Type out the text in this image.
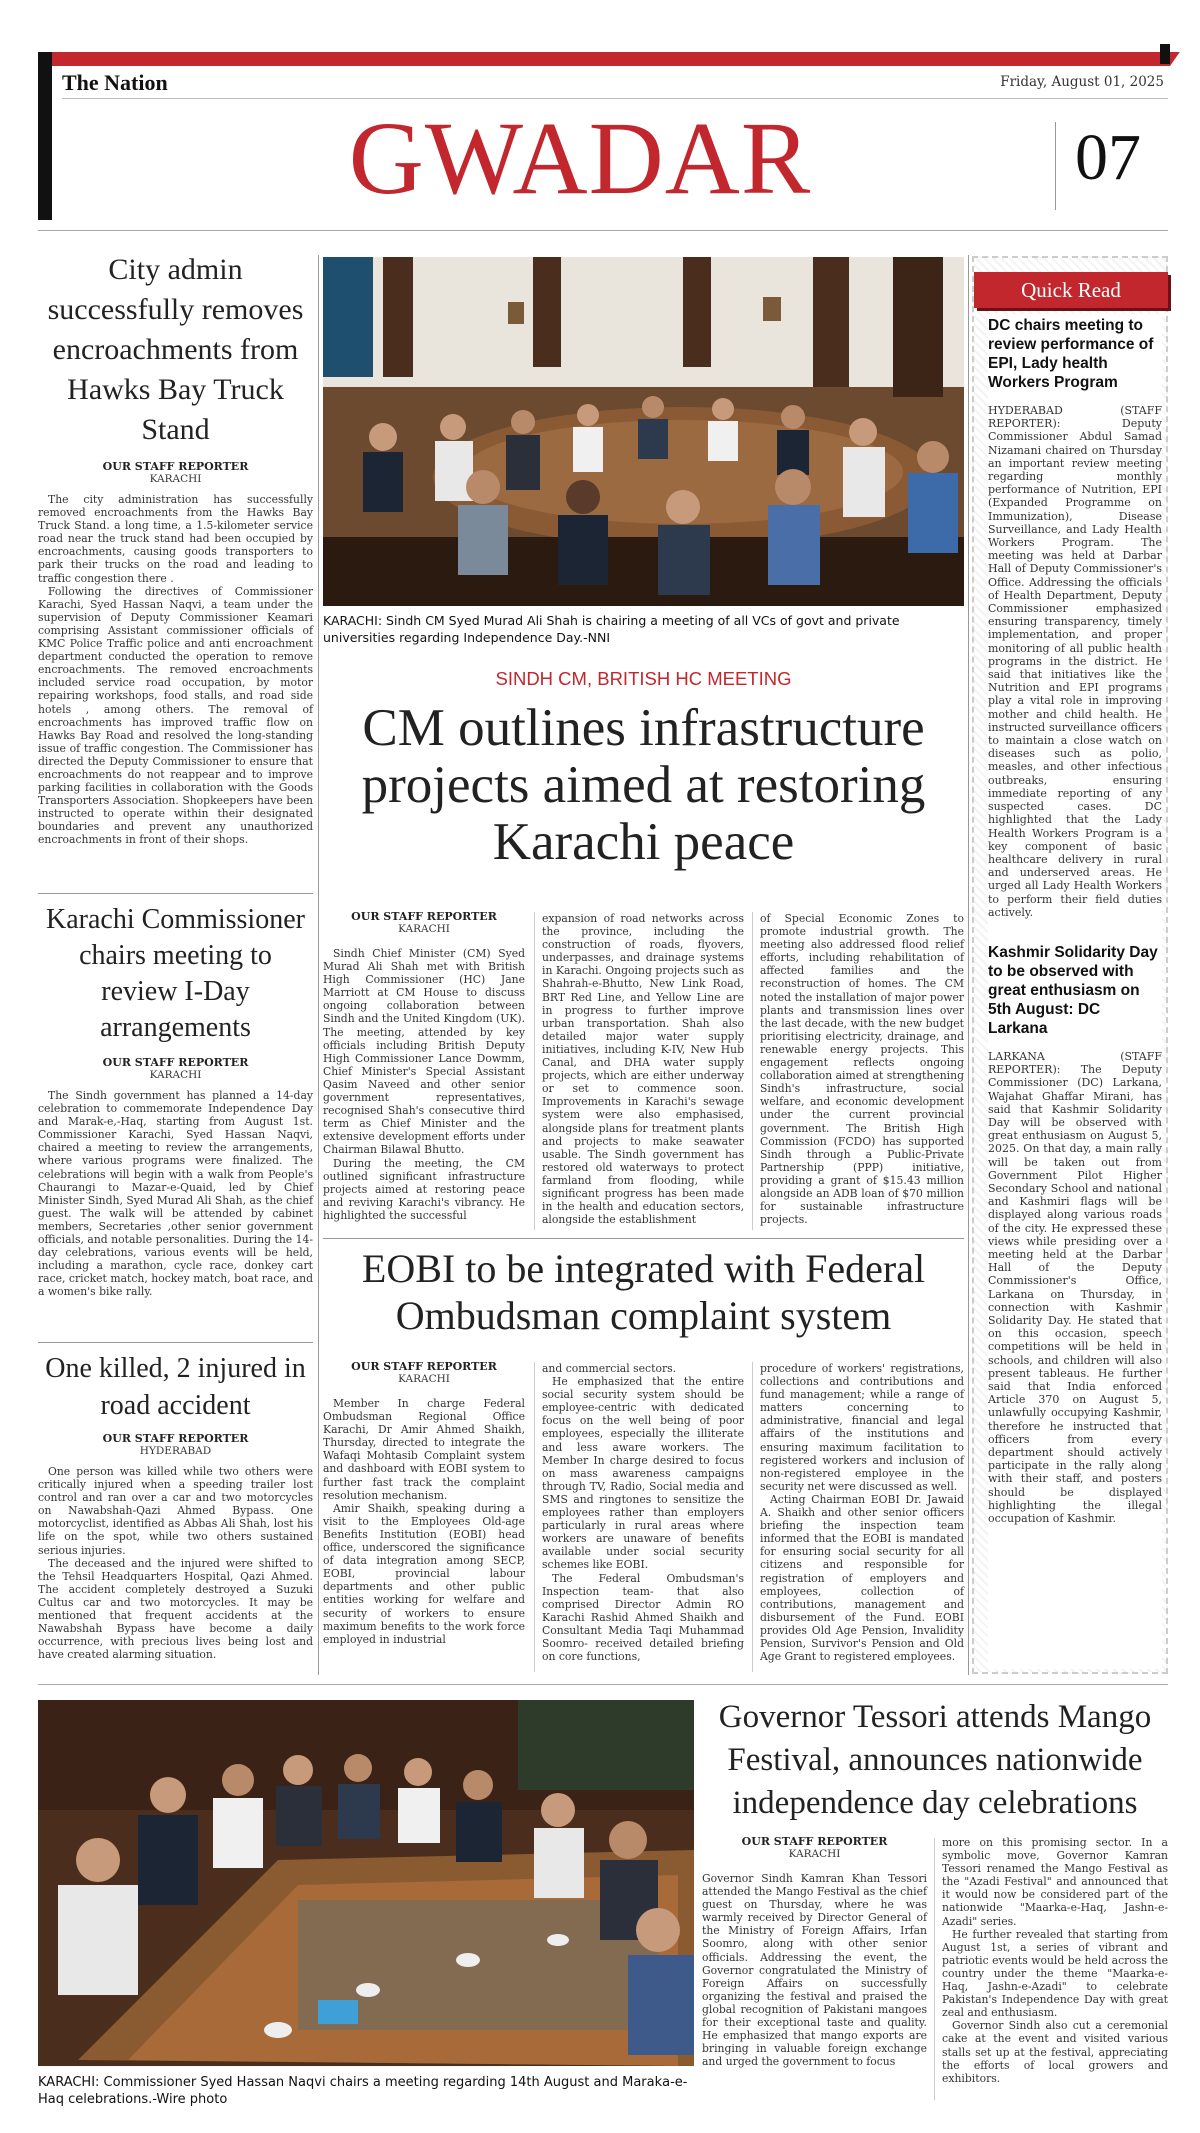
The Nation	Friday, August 01, 2025
GWADAR	07
City admin successfully removes encroachments from Hawks Bay Truck Stand
OUR STAFF REPORTER
KARACHI

The city administration has successfully removed encroachments from the Hawks Bay Truck Stand. a long time, a 1.5-kilometer service road near the truck stand had been occupied by encroachments, causing goods transporters to park their trucks on the road and leading to traffic congestion there .

Following the directives of Commissioner Karachi, Syed Hassan Naqvi, a team under the supervision of Deputy Commissioner Keamari comprising Assistant commissioner officials of KMC Police Traffic police and anti encroachment department conducted the operation to remove encroachments. The removed encroachments included service road occupation, by motor repairing workshops, food stalls, and road side hotels , among others. The removal of encroachments has improved traffic flow on Hawks Bay Road and resolved the long-standing issue of traffic congestion. The Commissioner has directed the Deputy Commissioner to ensure that encroachments do not reappear and to improve parking facilities in collaboration with the Goods Transporters Association. Shopkeepers have been instructed to operate within their designated boundaries and prevent any unauthorized encroachments in front of their shops.

Karachi Commissioner chairs meeting to review I-Day arrangements
OUR STAFF REPORTER
KARACHI

The Sindh government has planned a 14-day celebration to commemorate Independence Day and Marak-e,-Haq, starting from August 1st. Commissioner Karachi, Syed Hassan Naqvi, chaired a meeting to review the arrangements, where various programs were finalized. The celebrations will begin with a walk from People's Chaurangi to Mazar-e-Quaid, led by Chief Minister Sindh, Syed Murad Ali Shah, as the chief guest. The walk will be attended by cabinet members, Secretaries ,other senior government officials, and notable personalities. During the 14-day celebrations, various events will be held, including a marathon, cycle race, donkey cart race, cricket match, hockey match, boat race, and a women's bike rally.

One killed, 2 injured in road accident
OUR STAFF REPORTER
HYDERABAD

One person was killed while two others were critically injured when a speeding trailer lost control and ran over a car and two motorcycles on Nawabshah-Qazi Ahmed Bypass. One motorcyclist, identified as Abbas Ali Shah, lost his life on the spot, while two others sustained serious injuries.

The deceased and the injured were shifted to the Tehsil Headquarters Hospital, Qazi Ahmed. The accident completely destroyed a Suzuki Cultus car and two motorcycles. It may be mentioned that frequent accidents at the Nawabshah Bypass have become a daily occurrence, with precious lives being lost and have created alarming situation.

KARACHI: Sindh CM Syed Murad Ali Shah is chairing a meeting of all VCs of govt and private universities regarding Independence Day.-NNI
SINDH CM, BRITISH HC MEETING
CM outlines infrastructure projects aimed at restoring Karachi peace
OUR STAFF REPORTER
KARACHI

Sindh Chief Minister (CM) Syed Murad Ali Shah met with British High Commissioner (HC) Jane Marriott at CM House to discuss ongoing collaboration between Sindh and the United Kingdom (UK). The meeting, attended by key officials including British Deputy High Commissioner Lance Dowmm, Chief Minister's Special Assistant Qasim Naveed and other senior government representatives, recognised Shah's consecutive third term as Chief Minister and the extensive development efforts under Chairman Bilawal Bhutto.

During the meeting, the CM outlined significant infrastructure projects aimed at restoring peace and reviving Karachi's vibrancy. He highlighted the successful

expansion of road networks across the province, including the construction of roads, flyovers, underpasses, and drainage systems in Karachi. Ongoing projects such as Shahrah-e-Bhutto, New Link Road, BRT Red Line, and Yellow Line are in progress to further improve urban transportation. Shah also detailed major water supply initiatives, including K-IV, New Hub Canal, and DHA water supply projects, which are either underway or set to commence soon. Improvements in Karachi's sewage system were also emphasised, alongside plans for treatment plants and projects to make seawater usable. The Sindh government has restored old waterways to protect farmland from flooding, while significant progress has been made in the health and education sectors, alongside the establishment

of Special Economic Zones to promote industrial growth. The meeting also addressed flood relief efforts, including rehabilitation of affected families and the reconstruction of homes. The CM noted the installation of major power plants and transmission lines over the last decade, with the new budget prioritising electricity, drainage, and renewable energy projects. This engagement reflects ongoing collaboration aimed at strengthening Sindh's infrastructure, social welfare, and economic development under the current provincial government. The British High Commission (FCDO) has supported Sindh through a Public-Private Partnership (PPP) initiative, providing a grant of $15.43 million alongside an ADB loan of $70 million for sustainable infrastructure projects.

EOBI to be integrated with Federal Ombudsman complaint system
OUR STAFF REPORTER
KARACHI

Member In charge Federal Ombudsman Regional Office Karachi, Dr Amir Ahmed Shaikh, Thursday, directed to integrate the Wafaqi Mohtasib Complaint system and dashboard with EOBI system to further fast track the complaint resolution mechanism.

Amir Shaikh, speaking during a visit to the Employees Old-age Benefits Institution (EOBI) head office, underscored the significance of data integration among SECP, EOBI, provincial labour departments and other public entities working for welfare and security of workers to ensure maximum benefits to the work force employed in industrial

and commercial sectors.

He emphasized that the entire social security system should be employee-centric with dedicated focus on the well being of poor employees, especially the illiterate and less aware workers. The Member In charge desired to focus on mass awareness campaigns through TV, Radio, Social media and SMS and ringtones to sensitize the employees rather than employers particularly in rural areas where workers are unaware of benefits available under social security schemes like EOBI.

The Federal Ombudsman's Inspection team- that also comprised Director Admin RO Karachi Rashid Ahmed Shaikh and Consultant Media Taqi Muhammad Soomro- received detailed briefing on core functions,

procedure of workers' registrations, collections and contributions and fund management; while a range of matters concerning to administrative, financial and legal affairs of the institutions and ensuring maximum facilitation to registered workers and inclusion of non-registered employee in the security net were discussed as well.

Acting Chairman EOBI Dr. Jawaid A. Shaikh and other senior officers briefing the inspection team informed that the EOBI is mandated for ensuring social security for all citizens and responsible for registration of employers and employees, collection of contributions, management and disbursement of the Fund. EOBI provides Old Age Pension, Invalidity Pension, Survivor's Pension and Old Age Grant to registered employees.

Quick Read
DC chairs meeting to review performance of EPI, Lady health Workers Program

HYDERABAD (STAFF REPORTER): Deputy Commissioner Abdul Samad Nizamani chaired on Thursday an important review meeting regarding monthly performance of Nutrition, EPI (Expanded Programme on Immunization), Disease Surveillance, and Lady Health Workers Program. The meeting was held at Darbar Hall of Deputy Commissioner's Office. Addressing the officials of Health Department, Deputy Commissioner emphasized ensuring transparency, timely implementation, and proper monitoring of all public health programs in the district. He said that initiatives like the Nutrition and EPI programs play a vital role in improving mother and child health. He instructed surveillance officers to maintain a close watch on diseases such as polio, measles, and other infectious outbreaks, ensuring immediate reporting of any suspected cases. DC highlighted that the Lady Health Workers Program is a key component of basic healthcare delivery in rural and underserved areas. He urged all Lady Health Workers to perform their field duties actively.

Kashmir Solidarity Day to be observed with great enthusiasm on 5th August: DC Larkana

LARKANA (STAFF REPORTER): The Deputy Commissioner (DC) Larkana, Wajahat Ghaffar Mirani, has said that Kashmir Solidarity Day will be observed with great enthusiasm on August 5, 2025. On that day, a main rally will be taken out from Government Pilot Higher Secondary School and national and Kashmiri flags will be displayed along various roads of the city. He expressed these views while presiding over a meeting held at the Darbar Hall of the Deputy Commissioner's Office, Larkana on Thursday, in connection with Kashmir Solidarity Day. He stated that on this occasion, speech competitions will be held in schools, and children will also present tableaus. He further said that India enforced Article 370 on August 5, unlawfully occupying Kashmir, therefore he instructed that officers from every department should actively participate in the rally along with their staff, and posters should be displayed highlighting the illegal occupation of Kashmir.

KARACHI: Commissioner Syed Hassan Naqvi chairs a meeting regarding 14th August and Marakа-e-Haq celebrations.-Wire photo
Governor Tessori attends Mango Festival, announces nationwide independence day celebrations
OUR STAFF REPORTER
KARACHI

Governor Sindh Kamran Khan Tessori attended the Mango Festival as the chief guest on Thursday, where he was warmly received by Director General of the Ministry of Foreign Affairs, Irfan Soomro, along with other senior officials. Addressing the event, the Governor congratulated the Ministry of Foreign Affairs on successfully organizing the festival and praised the global recognition of Pakistani mangoes for their exceptional taste and quality. He emphasized that mango exports are bringing in valuable foreign exchange and urged the government to focus

more on this promising sector. In a symbolic move, Governor Kamran Tessori renamed the Mango Festival as the "Azadi Festival" and announced that it would now be considered part of the nationwide "Maarka-e-Haq, Jashn-e-Azadi" series.

He further revealed that starting from August 1st, a series of vibrant and patriotic events would be held across the country under the theme "Maarka-e-Haq, Jashn-e-Azadi" to celebrate Pakistan's Independence Day with great zeal and enthusiasm.

Governor Sindh also cut a ceremonial cake at the event and visited various stalls set up at the festival, appreciating the efforts of local growers and exhibitors.
